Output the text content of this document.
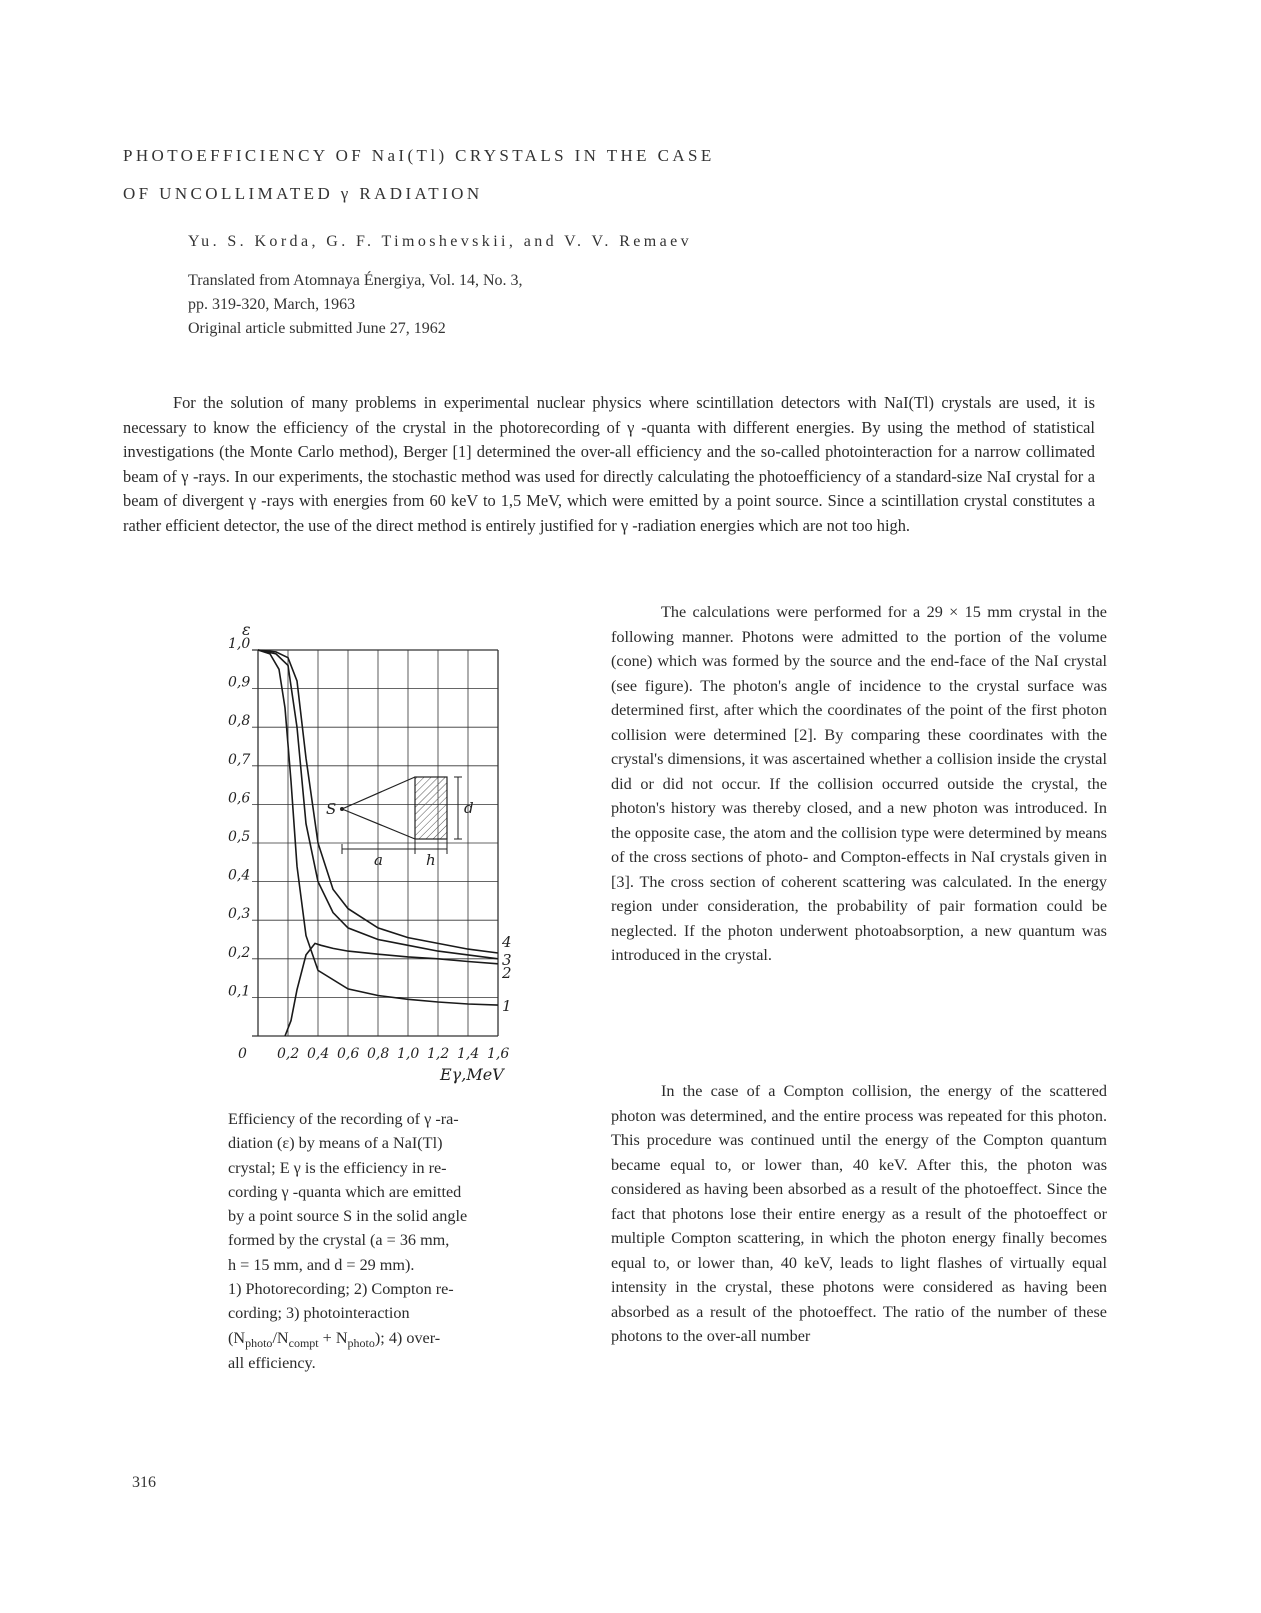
PHOTOEFFICIENCY OF NaI(Tl) CRYSTALS IN THE CASE
OF UNCOLLIMATED γ RADIATION
Yu. S. Korda, G. F. Timoshevskii, and V. V. Remaev
Translated from Atomnaya Énergiya, Vol. 14, No. 3,
pp. 319-320, March, 1963
Original article submitted June 27, 1962
For the solution of many problems in experimental nuclear physics where scintillation detectors with NaI(Tl) crystals are used, it is necessary to know the efficiency of the crystal in the photorecording of γ -quanta with different energies. By using the method of statistical investigations (the Monte Carlo method), Berger [1] determined the over-all efficiency and the so-called photointeraction for a narrow collimated beam of γ -rays. In our experiments, the stochastic method was used for directly calculating the photoefficiency of a standard-size NaI crystal for a beam of divergent γ -rays with energies from 60 keV to 1,5 MeV, which were emitted by a point source. Since a scintillation crystal constitutes a rather efficient detector, the use of the direct method is entirely justified for γ -radiation energies which are not too high.
S	d
a	h
1
2
3
4
0 0,2 0,4 0,6 0,8 1,0 1,2 1,4 1,6
0,1
0,2
0,3
0,4
0,5
0,6
0,7
0,8
0,9
1,0
ε
Eγ,MeV
Efficiency of the recording of γ -ra-
diation (ε) by means of a NaI(Tl)
crystal; E γ is the efficiency in re-
cording γ -quanta which are emitted
by a point source S in the solid angle
formed by the crystal (a = 36 mm,
h = 15 mm, and d = 29 mm).
1) Photorecording; 2) Compton re-
cording; 3) photointeraction
$(N_{photo}/N_{compt} + N_{photo})$; 4) over-
all efficiency.
The calculations were performed for a 29 × 15 mm crystal in the following manner. Photons were admitted to the portion of the volume (cone) which was formed by the source and the end-face of the NaI crystal (see figure). The photon's angle of incidence to the crystal surface was determined first, after which the coordinates of the point of the first photon collision were determined [2]. By comparing these coordinates with the crystal's dimensions, it was ascertained whether a collision inside the crystal did or did not occur. If the collision occurred outside the crystal, the photon's history was thereby closed, and a new photon was introduced. In the opposite case, the atom and the collision type were determined by means of the cross sections of photo- and Compton-effects in NaI crystals given in [3]. The cross section of coherent scattering was calculated. In the energy region under consideration, the probability of pair formation could be neglected. If the photon underwent photoabsorption, a new quantum was introduced in the crystal.
In the case of a Compton collision, the energy of the scattered photon was determined, and the entire process was repeated for this photon. This procedure was continued until the energy of the Compton quantum became equal to, or lower than, 40 keV. After this, the photon was considered as having been absorbed as a result of the photoeffect. Since the fact that photons lose their entire energy as a result of the photoeffect or multiple Compton scattering, in which the photon energy finally becomes equal to, or lower than, 40 keV, leads to light flashes of virtually equal intensity in the crystal, these photons were considered as having been absorbed as a result of the photoeffect. The ratio of the number of these photons to the over-all number
316
